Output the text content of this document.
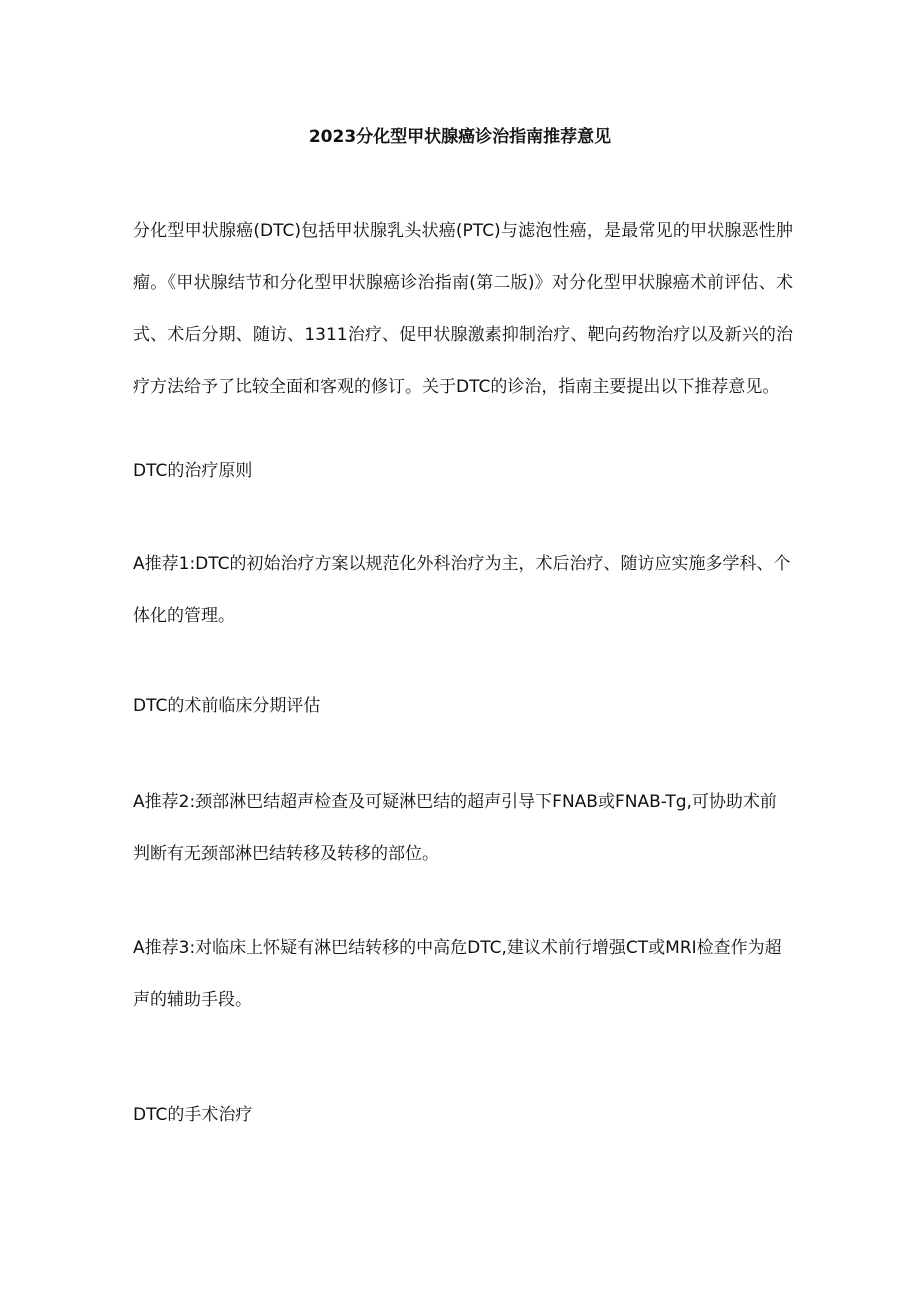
2023分化型甲状腺癌诊治指南推荐意见

分化型甲状腺癌(DTC)包括甲状腺乳头状癌(PTC)与滤泡性癌，是最常见的甲状腺恶性肿瘤。《甲状腺结节和分化型甲状腺癌诊治指南(第二版)》对分化型甲状腺癌术前评估、术式、术后分期、随访、1311治疗、促甲状腺激素抑制治疗、靶向药物治疗以及新兴的治疗方法给予了比较全面和客观的修订。关于DTC的诊治，指南主要提出以下推荐意见。

DTC的治疗原则

A推荐1:DTC的初始治疗方案以规范化外科治疗为主，术后治疗、随访应实施多学科、个体化的管理。

DTC的术前临床分期评估

A推荐2:颈部淋巴结超声检查及可疑淋巴结的超声引导下FNAB或FNAB-Tg,可协助术前判断有无颈部淋巴结转移及转移的部位。

A推荐3:对临床上怀疑有淋巴结转移的中高危DTC,建议术前行增强CT或MRI检查作为超声的辅助手段。

DTC的手术治疗
